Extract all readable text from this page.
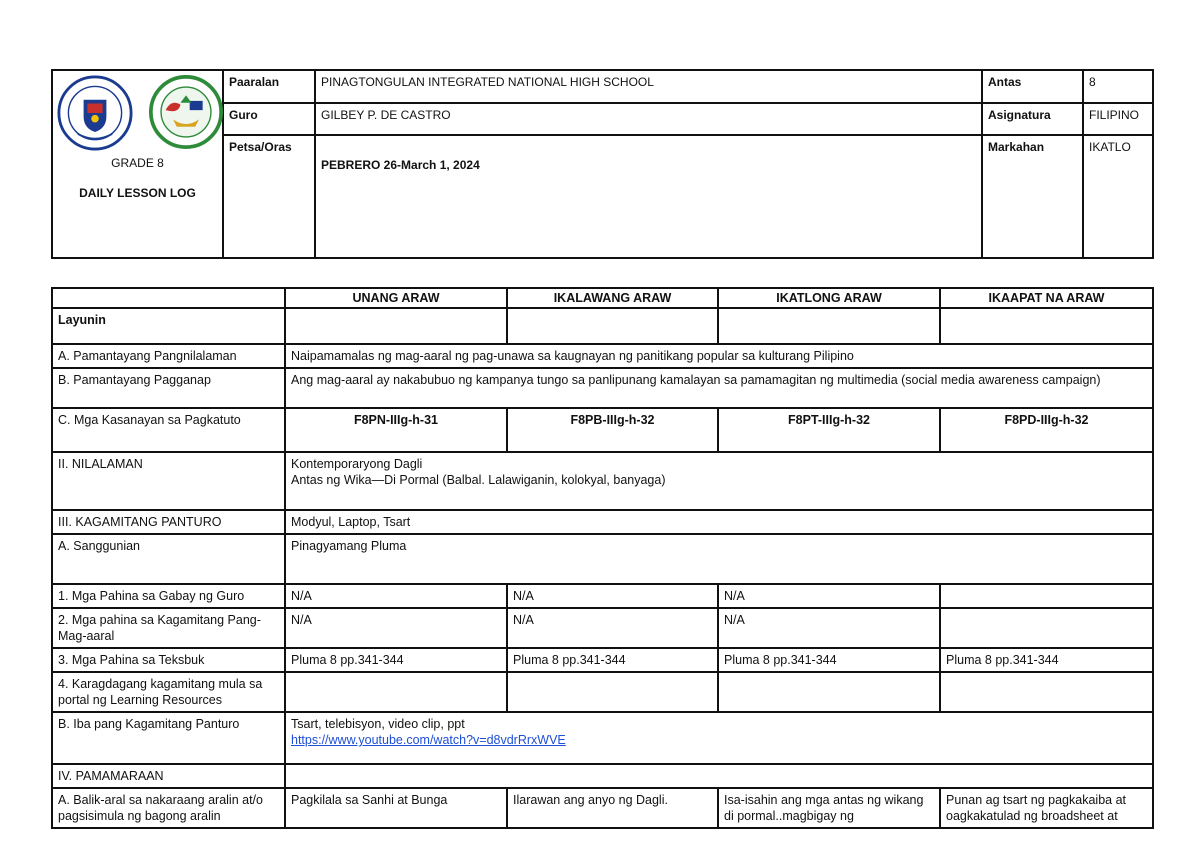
GRADE 8
DAILY LESSON LOG	Paaralan	PINAGTONGULAN INTEGRATED NATIONAL HIGH SCHOOL	Antas	8
	Guro	GILBEY P. DE CASTRO	Asignatura	FILIPINO
	Petsa/Oras	PEBRERO 26-March 1, 2024	Markahan	IKATLO
	UNANG ARAW	IKALAWANG ARAW	IKATLONG ARAW	IKAAPAT NA ARAW
Layunin				
A. Pamantayang Pangnilalaman	Naipamamalas ng mag-aaral ng pag-unawa sa kaugnayan ng panitikang popular sa kulturang Pilipino			
B. Pamantayang Pagganap	Ang mag-aaral ay nakabubuo ng kampanya tungo sa panlipunang kamalayan sa pamamagitan ng multimedia (social media awareness campaign)			
C. Mga Kasanayan sa Pagkatuto	F8PN-IIIg-h-31	F8PB-IIIg-h-32	F8PT-IIIg-h-32	F8PD-IIIg-h-32
II. NILALAMAN	Kontemporaryong Dagli
Antas ng Wika—Di Pormal (Balbal. Lalawiganin, kolokyal, banyaga)			

III. KAGAMITANG PANTURO	Modyul, Laptop, Tsart			
A. Sanggunian	Pinagyamang Pluma			
1. Mga Pahina sa Gabay ng Guro	N/A	N/A	N/A	
2. Mga pahina sa Kagamitang Pang-Mag-aaral	N/A	N/A	N/A	
3. Mga Pahina sa Teksbuk	Pluma 8 pp.341-344	Pluma 8 pp.341-344	Pluma 8 pp.341-344	Pluma 8 pp.341-344
4. Karagdagang kagamitang mula sa portal ng Learning Resources				
B. Iba pang Kagamitang Panturo	Tsart, telebisyon, video clip, ppt
https://www.youtube.com/watch?v=d8vdrRrxWVE			

IV. PAMAMARAAN				
A. Balik-aral sa nakaraang aralin at/o pagsisimula ng bagong aralin	Pagkilala sa Sanhi at Bunga	Ilarawan ang anyo ng Dagli.	Isa-isahin ang mga antas ng wikang di pormal..magbigay ng	Punan ag tsart ng pagkakaiba at oagkakatulad ng broadsheet at
